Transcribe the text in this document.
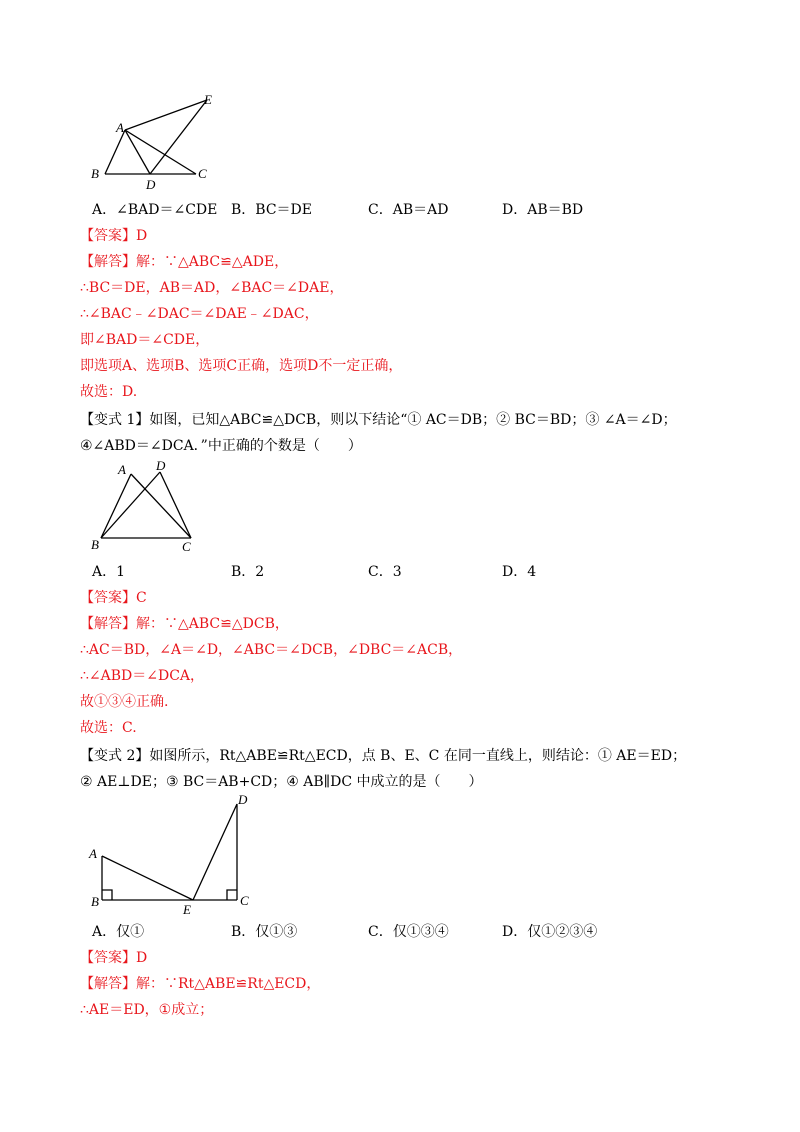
E
A
B
D
C
A．∠BAD＝∠CDE B．BC＝DE	C．AB＝AD	D．AB＝BD
【答案】D
【解答】解：∵△ABC≌△ADE，
∴BC＝DE，AB＝AD，∠BAC＝∠DAE，
∴∠BAC﹣∠DAC＝∠DAE﹣∠DAC，
即∠BAD＝∠CDE，
即选项A、选项B、选项C正确，选项D不一定正确，
故选：D.
【变式 1】如图，已知△ABC≌△DCB，则以下结论“① AC＝DB；② BC＝BD；③ ∠A＝∠D；
④∠ABD＝∠DCA．”中正确的个数是（　　）
A D
B	C
A．1	B．2	C．3	D．4
【答案】C
【解答】解：∵△ABC≌△DCB，
∴AC＝BD，∠A＝∠D，∠ABC＝∠DCB，∠DBC＝∠ACB，
∴∠ABD＝∠DCA，
故①③④正确.
故选：C.
【变式 2】如图所示，Rt△ABE≌Rt△ECD，点 B、E、C 在同一直线上，则结论：① AE＝ED；
② AE⊥DE；③ BC＝AB+CD；④ AB∥DC 中成立的是（　　）
D
A
B
E
C
A．仅①	B．仅①③	C．仅①③④	D．仅①②③④
【答案】D
【解答】解：∵Rt△ABE≌Rt△ECD，
∴AE＝ED，①成立；
